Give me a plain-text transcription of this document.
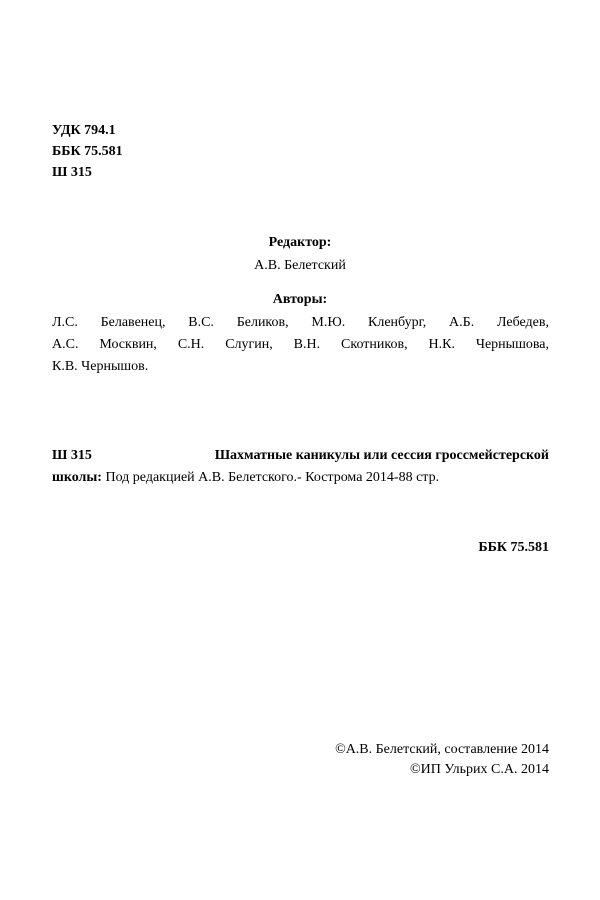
УДК 794.1
ББК 75.581
Ш 315
Редактор:
А.В. Белетский
Авторы:
Л.С. Белавенец, В.С. Беликов, М.Ю. Кленбург, А.Б. Лебедев,
А.С. Москвин, С.Н. Слугин, В.Н. Скотников, Н.К. Чернышова,
К.В. Чернышов.
Ш 315	Шахматные каникулы или сессия гроссмейстерской
школы: Под редакцией А.В. Белетского.- Кострома 2014-88 стр.
ББК 75.581
©А.В. Белетский, составление 2014
©ИП Ульрих С.А. 2014
